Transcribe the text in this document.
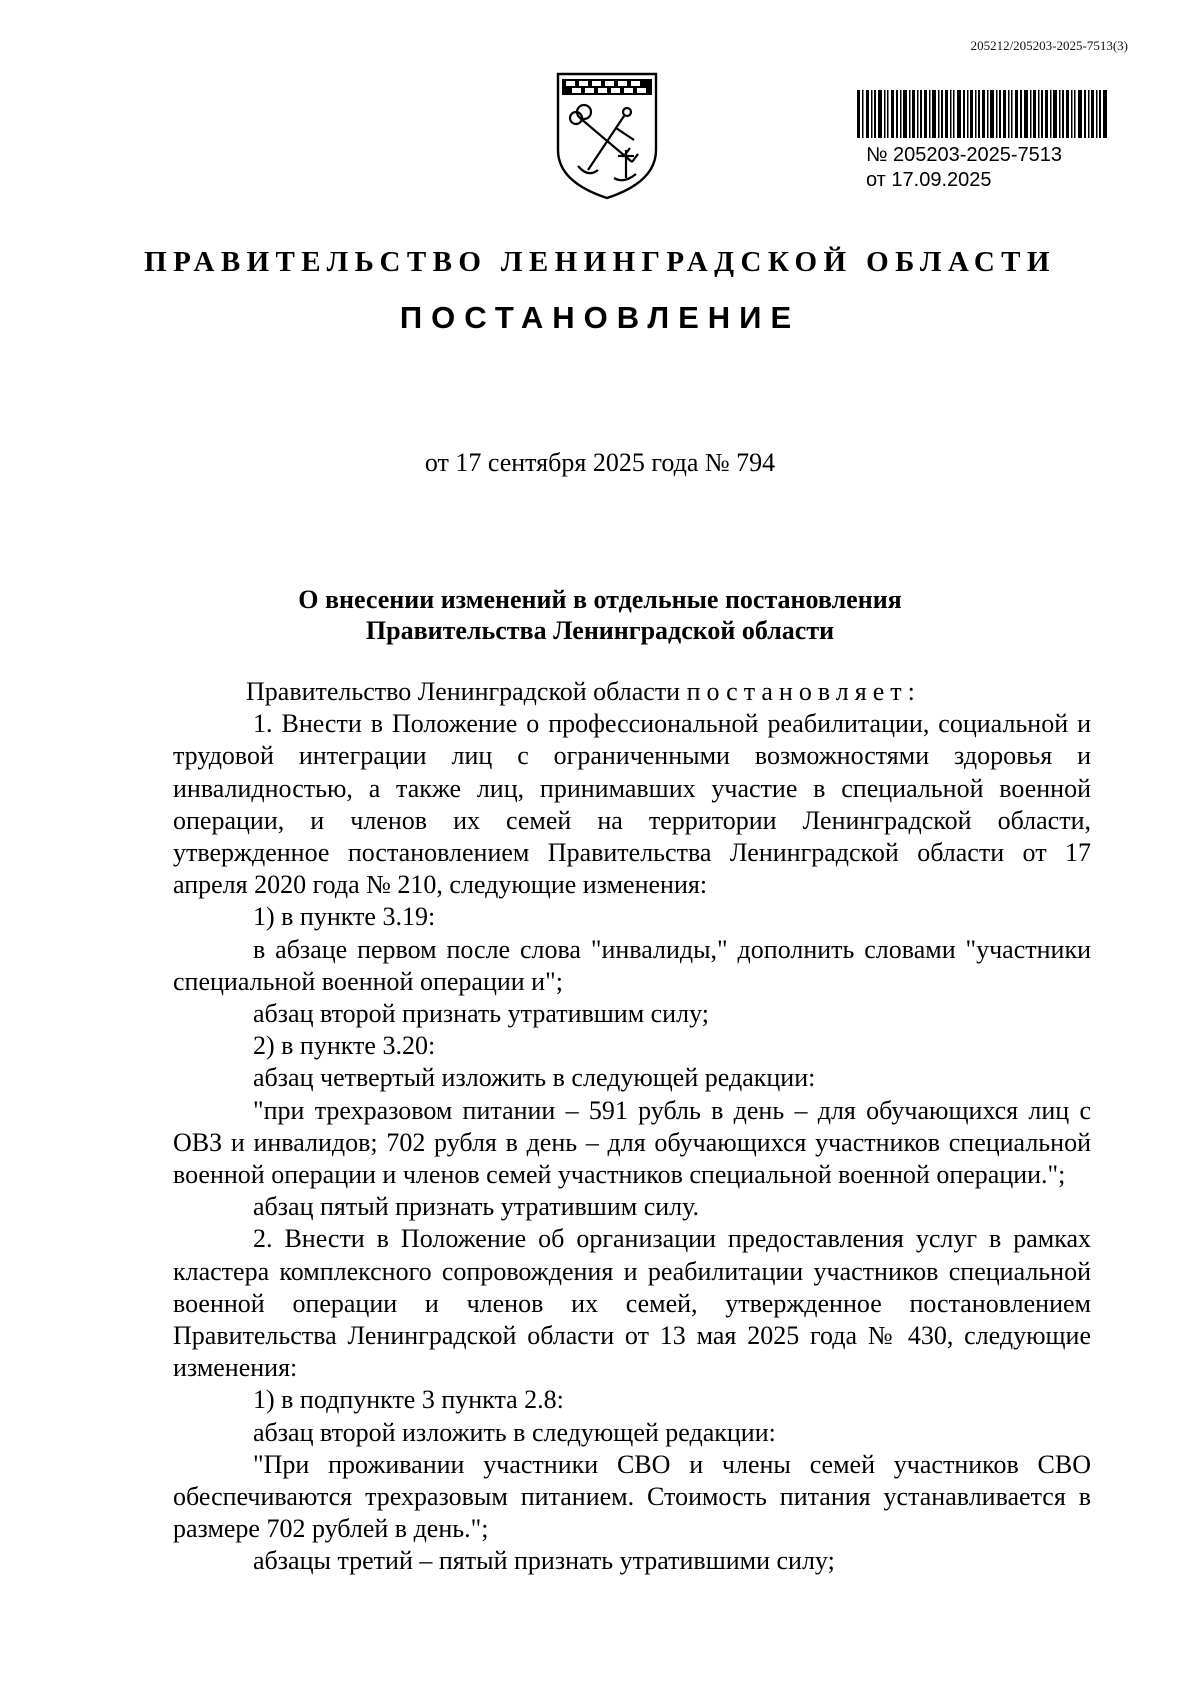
205212/205203-2025-7513(3)
№ 205203-2025-7513
от 17.09.2025
ПРАВИТЕЛЬСТВО ЛЕНИНГРАДСКОЙ ОБЛАСТИ
ПОСТАНОВЛЕНИЕ
от 17 сентября 2025 года № 794
О внесении изменений в отдельные постановления
Правительства Ленинградской области

Правительство Ленинградской области постановляет:

1. Внести в Положение о профессиональной реабилитации, социальной и трудовой интеграции лиц с ограниченными возможностями здоровья и инвалидностью, а также лиц, принимавших участие в специальной военной операции, и членов их семей на территории Ленинградской области, утвержденное постановлением Правительства Ленинградской области от 17 апреля 2020 года № 210, следующие изменения:

1) в пункте 3.19:

в абзаце первом после слова "инвалиды," дополнить словами "участники специальной военной операции и";

абзац второй признать утратившим силу;

2) в пункте 3.20:

абзац четвертый изложить в следующей редакции:

"при трехразовом питании – 591 рубль в день – для обучающихся лиц с ОВЗ и инвалидов; 702 рубля в день – для обучающихся участников специальной военной операции и членов семей участников специальной военной операции.";

абзац пятый признать утратившим силу.

2. Внести в Положение об организации предоставления услуг в рамках кластера комплексного сопровождения и реабилитации участников специальной военной операции и членов их семей, утвержденное постановлением Правительства Ленинградской области от 13 мая 2025 года № 430, следующие изменения:

1) в подпункте 3 пункта 2.8:

абзац второй изложить в следующей редакции:

"При проживании участники СВО и члены семей участников СВО обеспечиваются трехразовым питанием. Стоимость питания устанавливается в размере 702 рублей в день.";

абзацы третий – пятый признать утратившими силу;
